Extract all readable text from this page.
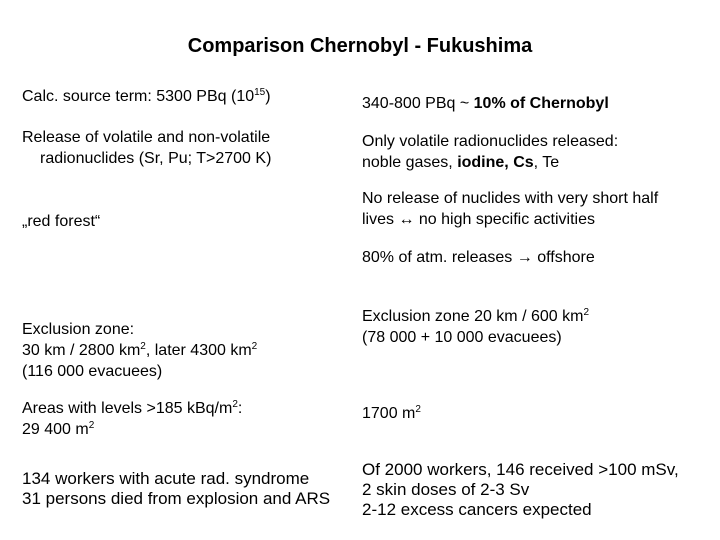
Comparison Chernobyl - Fukushima

Calc. source term: 5300 PBq $(10^{15})$	340-800 PBq ~ 10% of Chernobyl

Release of volatile and non-volatile
radionuclides (Sr, Pu; T>2700 K)
Only volatile radionuclides released:
noble gases, iodine, Cs, Te

„red forest“

No release of nuclides with very short half
lives ↔ no high specific activities

80% of atm. releases → offshore

Exclusion zone:
30 km / 2800 $km^2$, later 4300 $km^2$
(116 000 evacuees)
Exclusion zone 20 km / 600 $km^2$
(78 000 + 10 000 evacuees)
Areas with levels >185 kBq/$m^2$:
29 400 $m^2$

1700 $m^2$

134 workers with acute rad. syndrome
31 persons died from explosion and ARS
Of 2000 workers, 146 received >100 mSv,
2 skin doses of 2-3 Sv
2-12 excess cancers expected
